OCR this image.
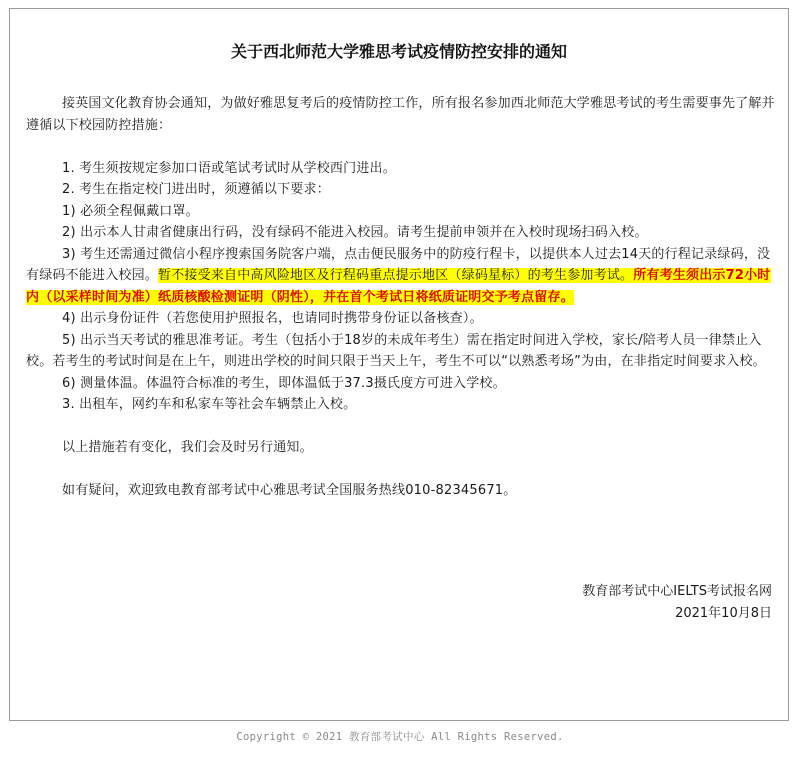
关于西北师范大学雅思考试疫情防控安排的通知

接英国文化教育协会通知，为做好雅思复考后的疫情防控工作，所有报名参加西北师范大学雅思考试的考生需要事先了解并遵循以下校园防控措施：

1. 考生须按规定参加口语或笔试考试时从学校西门进出。

2. 考生在指定校门进出时，须遵循以下要求：

1) 必须全程佩戴口罩。

2) 出示本人甘肃省健康出行码，没有绿码不能进入校园。请考生提前申领并在入校时现场扫码入校。

3) 考生还需通过微信小程序搜索国务院客户端，点击便民服务中的防疫行程卡，以提供本人过去14天的行程记录绿码，没有绿码不能进入校园。暂不接受来自中高风险地区及行程码重点提示地区（绿码星标）的考生参加考试。所有考生须出示72小时内（以采样时间为准）纸质核酸检测证明（阴性），并在首个考试日将纸质证明交予考点留存。

4) 出示身份证件（若您使用护照报名，也请同时携带身份证以备核查）。

5) 出示当天考试的雅思准考证。考生（包括小于18岁的未成年考生）需在指定时间进入学校，家长/陪考人员一律禁止入校。若考生的考试时间是在上午，则进出学校的时间只限于当天上午，考生不可以“以熟悉考场”为由，在非指定时间要求入校。

6) 测量体温。体温符合标准的考生，即体温低于37.3摄氏度方可进入学校。

3. 出租车，网约车和私家车等社会车辆禁止入校。

以上措施若有变化，我们会及时另行通知。

如有疑问，欢迎致电教育部考试中心雅思考试全国服务热线010-82345671。

教育部考试中心IELTS考试报名网
2021年10月8日
Copyright © 2021 教育部考试中心 All Rights Reserved.
